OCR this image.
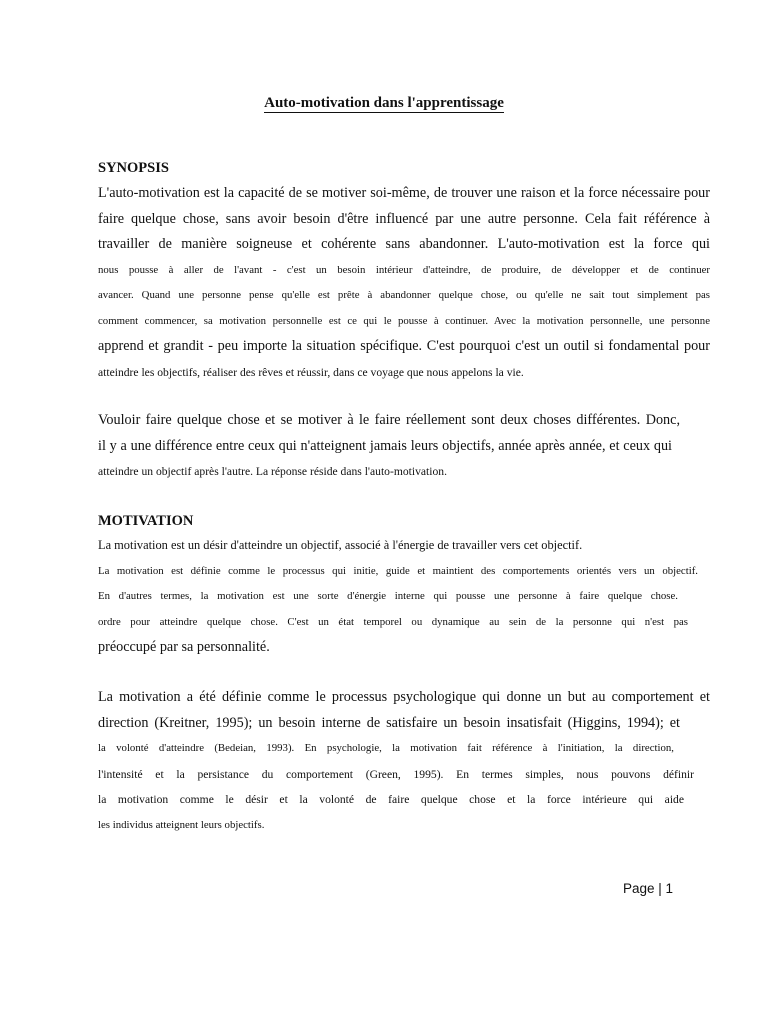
Auto-motivation dans l'apprentissage
SYNOPSIS
L'auto-motivation est la capacité de se motiver soi-même, de trouver une raison et la force nécessaire pour
faire quelque chose, sans avoir besoin d'être influencé par une autre personne. Cela fait référence à
travailler de manière soigneuse et cohérente sans abandonner. L'auto-motivation est la force qui
nous pousse à aller de l'avant - c'est un besoin intérieur d'atteindre, de produire, de développer et de continuer
avancer. Quand une personne pense qu'elle est prête à abandonner quelque chose, ou qu'elle ne sait tout simplement pas
comment commencer, sa motivation personnelle est ce qui le pousse à continuer. Avec la motivation personnelle, une personne
apprend et grandit - peu importe la situation spécifique. C'est pourquoi c'est un outil si fondamental pour
atteindre les objectifs, réaliser des rêves et réussir, dans ce voyage que nous appelons la vie.
Vouloir faire quelque chose et se motiver à le faire réellement sont deux choses différentes. Donc,
il y a une différence entre ceux qui n'atteignent jamais leurs objectifs, année après année, et ceux qui
atteindre un objectif après l'autre. La réponse réside dans l'auto-motivation.
MOTIVATION
La motivation est un désir d'atteindre un objectif, associé à l'énergie de travailler vers cet objectif.
La motivation est définie comme le processus qui initie, guide et maintient des comportements orientés vers un objectif.
En d'autres termes, la motivation est une sorte d'énergie interne qui pousse une personne à faire quelque chose.
ordre pour atteindre quelque chose. C'est un état temporel ou dynamique au sein de la personne qui n'est pas
préoccupé par sa personnalité.
La motivation a été définie comme le processus psychologique qui donne un but au comportement et
direction (Kreitner, 1995); un besoin interne de satisfaire un besoin insatisfait (Higgins, 1994); et
la volonté d'atteindre (Bedeian, 1993). En psychologie, la motivation fait référence à l'initiation, la direction,
l'intensité et la persistance du comportement (Green, 1995). En termes simples, nous pouvons définir
la motivation comme le désir et la volonté de faire quelque chose et la force intérieure qui aide
les individus atteignent leurs objectifs.
Page | 1
